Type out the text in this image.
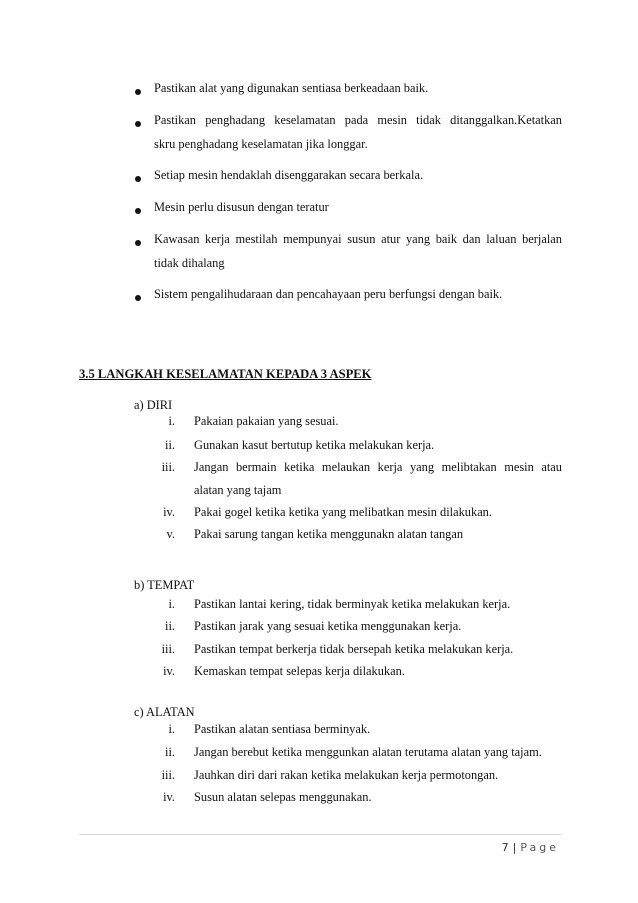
Pastikan alat yang digunakan sentiasa berkeadaan baik.
Pastikan penghadang keselamatan pada mesin tidak ditanggalkan.Ketatkan
skru penghadang keselamatan jika longgar.
Setiap mesin hendaklah disenggarakan secara berkala.
Mesin perlu disusun dengan teratur
Kawasan kerja mestilah mempunyai susun atur yang baik dan laluan berjalan
tidak dihalang
Sistem pengalihudaraan dan pencahayaan peru berfungsi dengan baik.
3.5 LANGKAH KESELAMATAN KEPADA 3 ASPEK
a) DIRI
i. Pakaian pakaian yang sesuai.
ii. Gunakan kasut bertutup ketika melakukan kerja.
iii. Jangan bermain ketika melaukan kerja yang melibtakan mesin atau
alatan yang tajam
iv. Pakai gogel ketika ketika yang melibatkan mesin dilakukan.
v. Pakai sarung tangan ketika menggunakn alatan tangan
b) TEMPAT
i. Pastikan lantai kering, tidak berminyak ketika melakukan kerja.
ii. Pastikan jarak yang sesuai ketika menggunakan kerja.
iii. Pastikan tempat berkerja tidak bersepah ketika melakukan kerja.
iv. Kemaskan tempat selepas kerja dilakukan.
c) ALATAN
i. Pastikan alatan sentiasa berminyak.
ii. Jangan berebut ketika menggunkan alatan terutama alatan yang tajam.
iii. Jauhkan diri dari rakan ketika melakukan kerja permotongan.
iv. Susun alatan selepas menggunakan.
7 | Page
